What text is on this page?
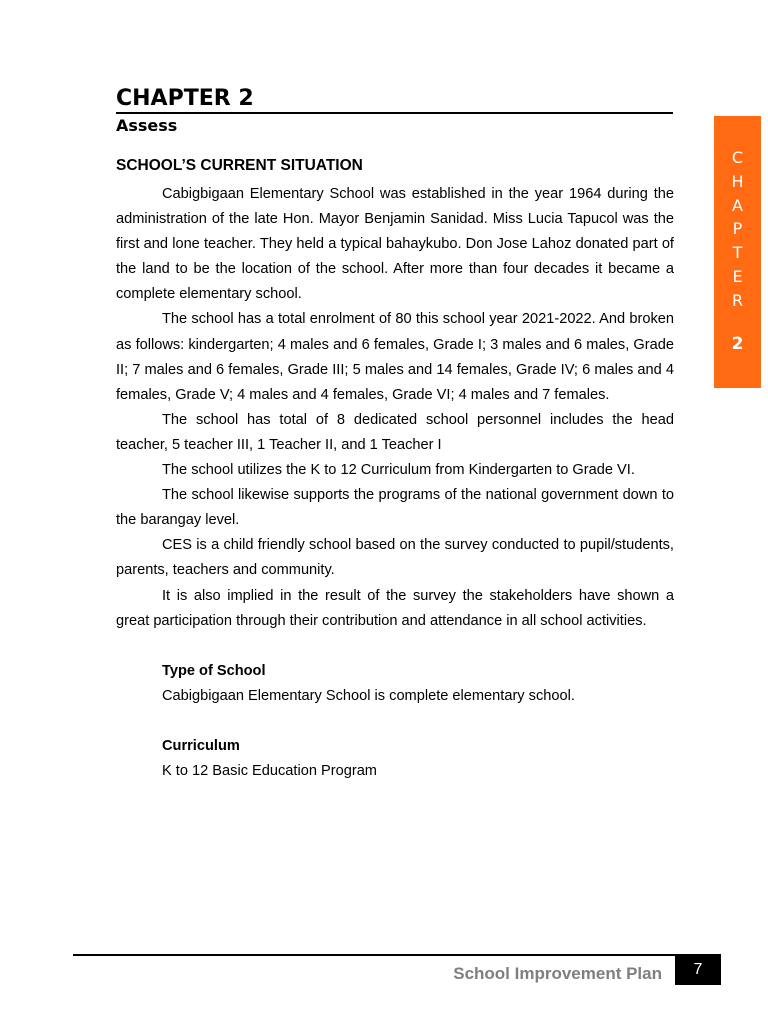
CHAPTER 2
Assess
C
H
A
P
T
E
R
2
SCHOOL’S CURRENT SITUATION

Cabigbigaan Elementary School was established in the year 1964 during the administration of the late Hon. Mayor Benjamin Sanidad. Miss Lucia Tapucol was the first and lone teacher. They held a typical bahaykubo. Don Jose Lahoz donated part of the land to be the location of the school. After more than four decades it became a complete elementary school.

The school has a total enrolment of 80 this school year 2021-2022. And broken as follows: kindergarten; 4 males and 6 females, Grade I; 3 males and 6 males, Grade II; 7 males and 6 females, Grade III; 5 males and 14 females, Grade IV; 6 males and 4 females, Grade V; 4 males and 4 females, Grade VI; 4 males and 7 females.

The school has total of 8 dedicated school personnel includes the head teacher, 5 teacher III, 1 Teacher II, and 1 Teacher I

The school utilizes the K to 12 Curriculum from Kindergarten to Grade VI.

The school likewise supports the programs of the national government down to the barangay level.

CES is a child friendly school based on the survey conducted to pupil/students, parents, teachers and community.

It is also implied in the result of the survey the stakeholders have shown a great participation through their contribution and attendance in all school activities.

Type of School

Cabigbigaan Elementary School is complete elementary school.

Curriculum

K to 12 Basic Education Program

School Improvement Plan	7
